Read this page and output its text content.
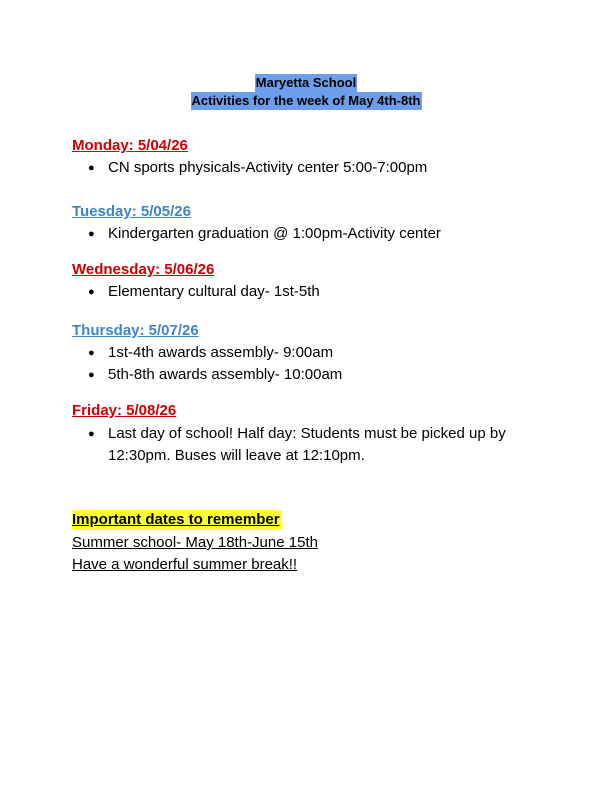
Maryetta School
Activities for the week of May 4th-8th
Monday: 5/04/26
● CN sports physicals-Activity center 5:00-7:00pm
Tuesday: 5/05/26
● Kindergarten graduation @ 1:00pm-Activity center
Wednesday: 5/06/26
● Elementary cultural day- 1st-5th
Thursday: 5/07/26
● 1st-4th awards assembly- 9:00am
● 5th-8th awards assembly- 10:00am
Friday: 5/08/26
● Last day of school! Half day: Students must be picked up by 12:30pm. Buses will leave at 12:10pm.
Important dates to remember
Summer school- May 18th-June 15th
Have a wonderful summer break!!
